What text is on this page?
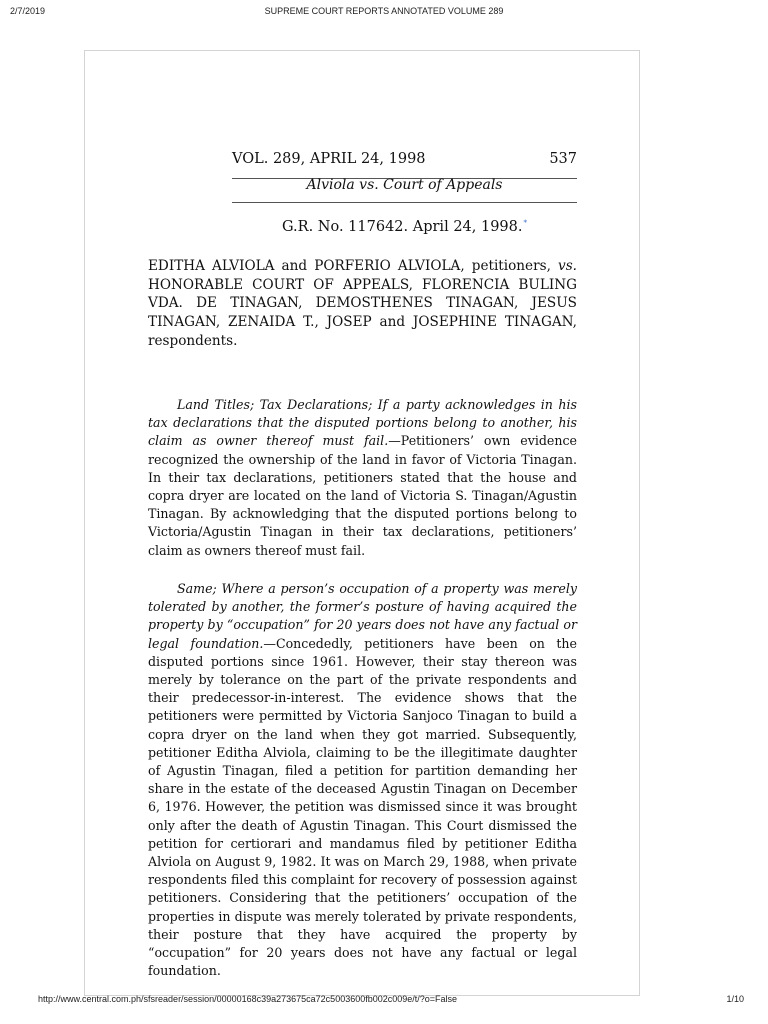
2/7/2019	SUPREME COURT REPORTS ANNOTATED VOLUME 289
VOL. 289, APRIL 24, 1998	537
Alviola vs. Court of Appeals
G.R. No. 117642. April 24, 1998.*

EDITHA ALVIOLA and PORFERIO ALVIOLA, petitioners, vs. HONORABLE COURT OF APPEALS, FLORENCIA BULING VDA. DE TINAGAN, DEMOSTHENES TINAGAN, JESUS TINAGAN, ZENAIDA T., JOSEP and JOSEPHINE TINAGAN, respondents.

Land Titles; Tax Declarations; If a party acknowledges in his tax declarations that the disputed portions belong to another, his claim as owner thereof must fail.—Petitioners’ own evidence recognized the ownership of the land in favor of Victoria Tinagan. In their tax declarations, petitioners stated that the house and copra dryer are located on the land of Victoria S. Tinagan/Agustin Tinagan. By acknowledging that the disputed portions belong to Victoria/Agustin Tinagan in their tax declarations, petitioners’ claim as owners thereof must fail.

Same; Where a person’s occupation of a property was merely tolerated by another, the former’s posture of having acquired the property by “occupation” for 20 years does not have any factual or legal foundation.—Concededly, petitioners have been on the disputed portions since 1961. However, their stay thereon was merely by tolerance on the part of the private respondents and their predecessor-in-interest. The evidence shows that the petitioners were permitted by Victoria Sanjoco Tinagan to build a copra dryer on the land when they got married. Subsequently, petitioner Editha Alviola, claiming to be the illegitimate daughter of Agustin Tinagan, filed a petition for partition demanding her share in the estate of the deceased Agustin Tinagan on December 6, 1976. However, the petition was dismissed since it was brought only after the death of Agustin Tinagan. This Court dismissed the petition for certiorari and mandamus filed by petitioner Editha Alviola on August 9, 1982. It was on March 29, 1988, when private respondents filed this complaint for recovery of possession against petitioners. Considering that the petitioners’ occupation of the properties in dispute was merely tolerated by private respondents, their posture that they have acquired the property by “occupation” for 20 years does not have any factual or legal foundation.

http://www.central.com.ph/sfsreader/session/00000168c39a273675ca72c5003600fb002c009e/t/?o=False	1/10
